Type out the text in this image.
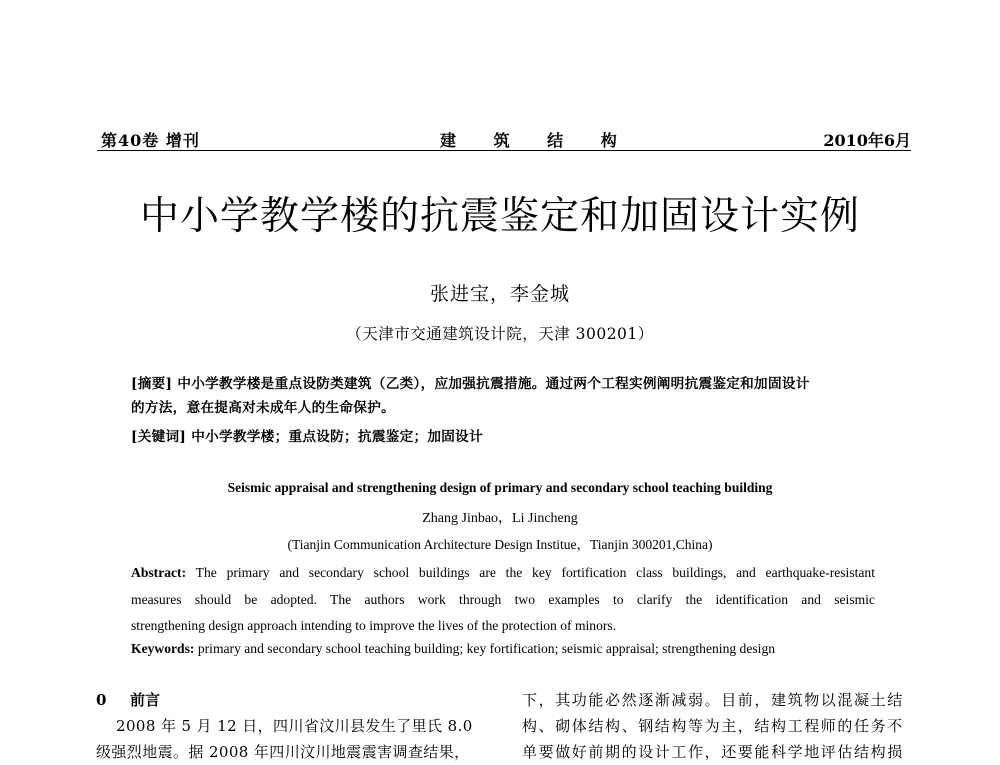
第40卷 增刊	建 筑 结 构	2010年6月
中小学教学楼的抗震鉴定和加固设计实例
张进宝，李金城
（天津市交通建筑设计院，天津 300201）
[摘要] 中小学教学楼是重点设防类建筑（乙类），应加强抗震措施。通过两个工程实例阐明抗震鉴定和加固设计
的方法，意在提高对未成年人的生命保护。
[关键词] 中小学教学楼；重点设防；抗震鉴定；加固设计
Seismic appraisal and strengthening design of primary and secondary school teaching building
Zhang Jinbao，Li Jincheng
(Tianjin Communication Architecture Design Institue，Tianjin 300201,China)
Abstract: The primary and secondary school buildings are the key fortification class buildings, and earthquake-resistant
measures should be adopted. The authors work through two examples to clarify the identification and seismic
strengthening design approach intending to improve the lives of the protection of minors.
Keywords: primary and secondary school teaching building; key fortification; seismic appraisal; strengthening design
0 前言
2008 年 5 月 12 日，四川省汶川县发生了里氏 8.0
级强烈地震。据 2008 年四川汶川地震震害调查结果，
下，其功能必然逐渐减弱。目前，建筑物以混凝土结
构、砌体结构、钢结构等为主，结构工程师的任务不
单要做好前期的设计工作，还要能科学地评估结构损
